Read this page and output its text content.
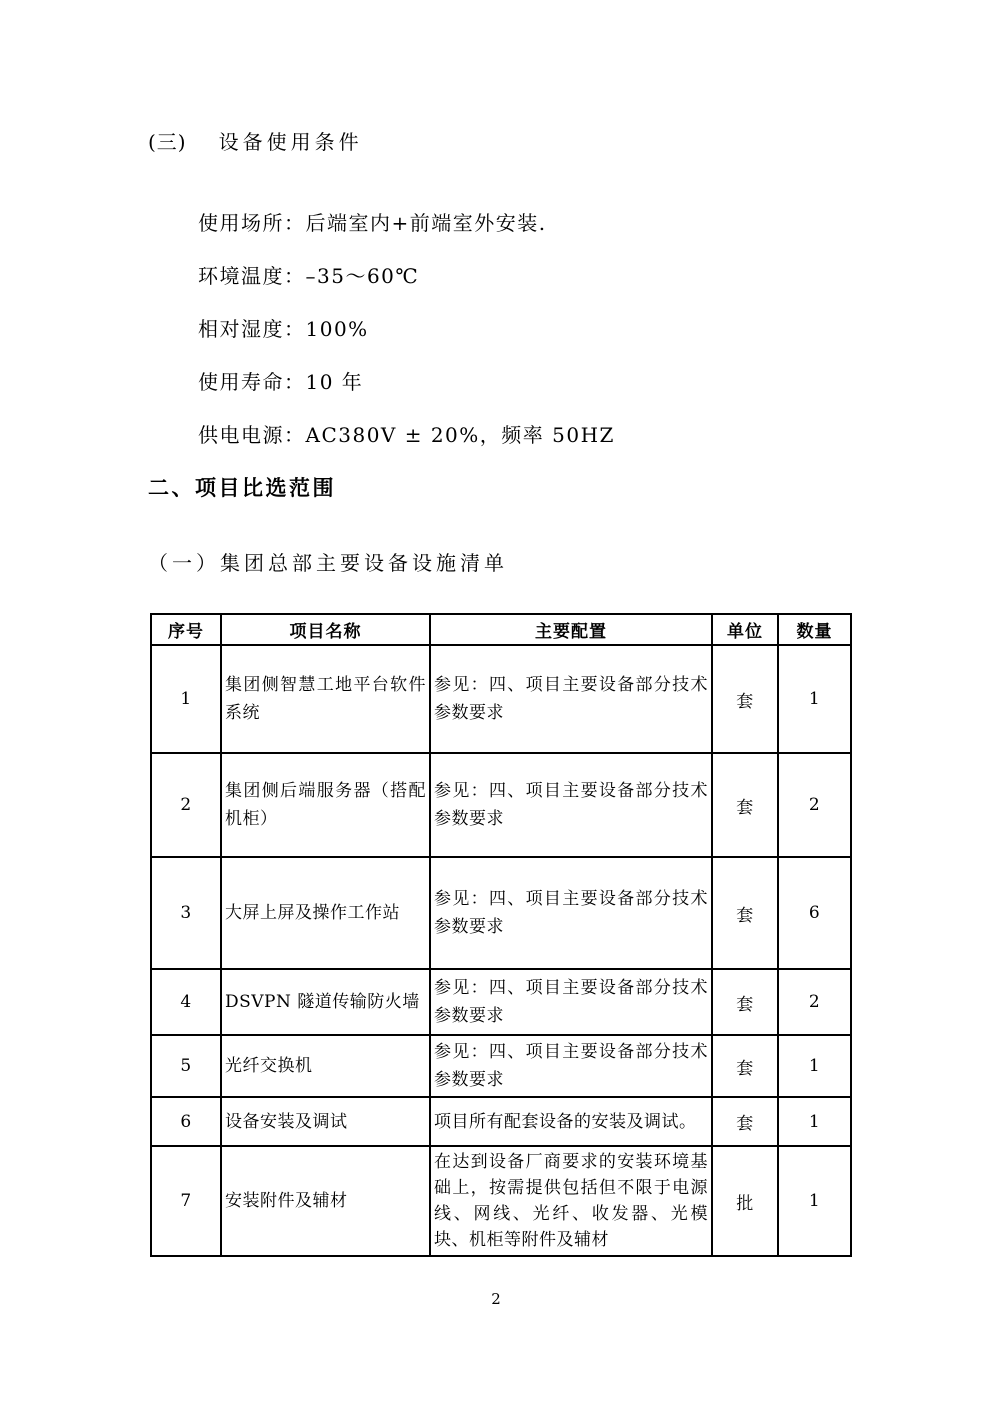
(三) 设备使用条件
使用场所：后端室内+前端室外安装.
环境温度：–35～60℃
相对湿度：100%
使用寿命：10 年
供电电源：AC380V ± 20%，频率 50HZ
二、项目比选范围
（一）集团总部主要设备设施清单
序号	项目名称	主要配置	单位	数量
1	集团侧智慧工地平台软件系统	参见：四、项目主要设备部分技术参数要求	套	1
2	集团侧后端服务器（搭配机柜）	参见：四、项目主要设备部分技术参数要求	套	2
3	大屏上屏及操作工作站	参见：四、项目主要设备部分技术参数要求	套	6
4	DSVPN 隧道传输防火墙	参见：四、项目主要设备部分技术参数要求	套	2
5	光纤交换机	参见：四、项目主要设备部分技术参数要求	套	1
6	设备安装及调试	项目所有配套设备的安装及调试。	套	1
7	安装附件及辅材	在达到设备厂商要求的安装环境基础上，按需提供包括但不限于电源线、网线、光纤、收发器、光模块、机柜等附件及辅材	批	1
2
